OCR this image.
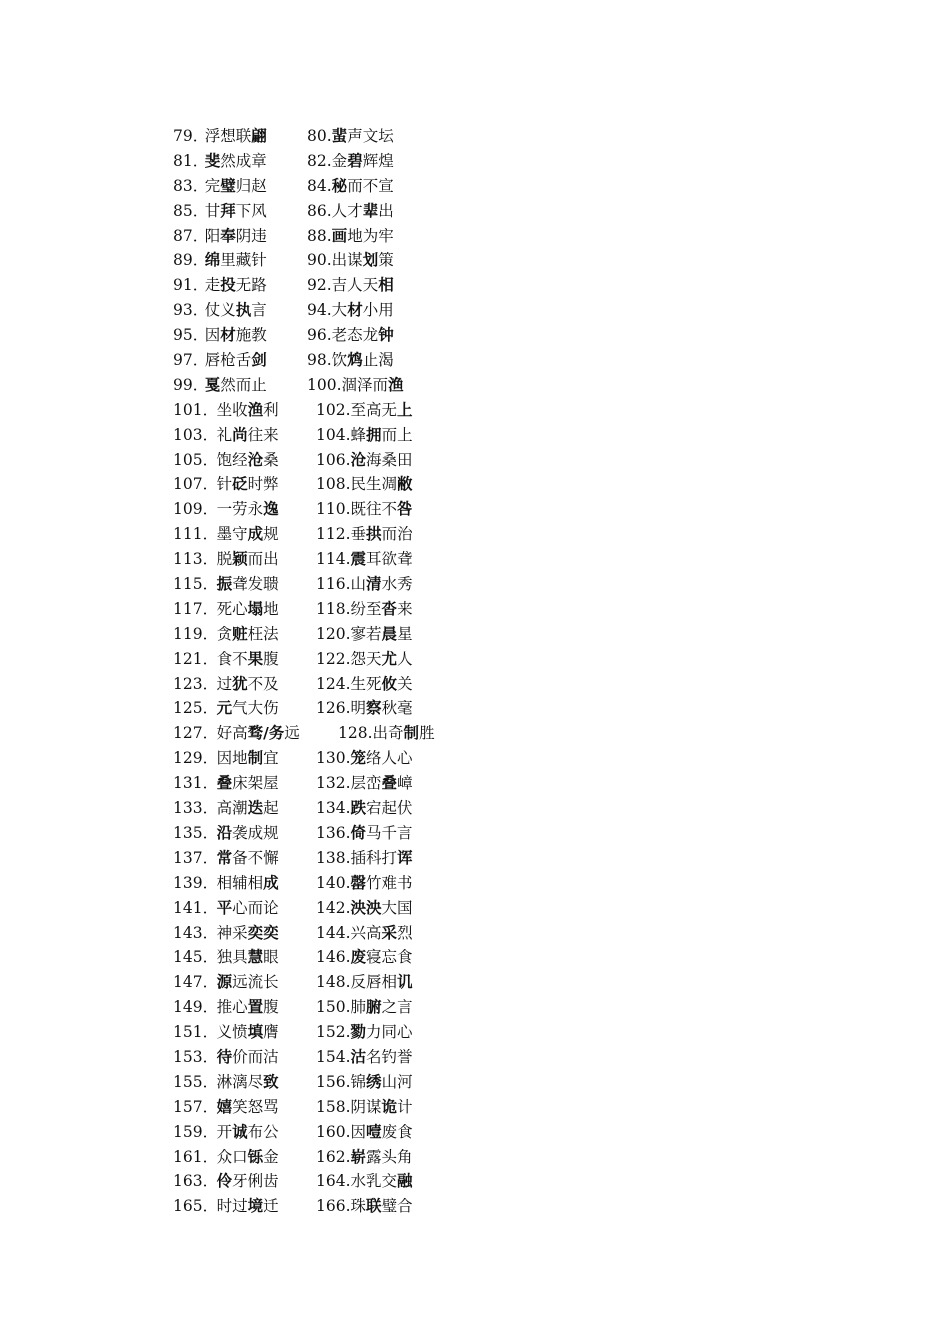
79．浮想联翩	80.蜚声文坛
81．斐然成章	82.金碧辉煌
83．完璧归赵	84.秘而不宣
85．甘拜下风	86.人才辈出
87．阳奉阴违	88.画地为牢
89．绵里藏针	90.出谋划策
91．走投无路	92.吉人天相
93．仗义执言	94.大材小用
95．因材施教	96.老态龙钟
97．唇枪舌剑	98.饮鸩止渴
99．戛然而止	100.涸泽而渔
101．坐收渔利 102.至高无上
103．礼尚往来 104.蜂拥而上
105．饱经沧桑 106.沧海桑田
107．针砭时弊 108.民生凋敝
109．一劳永逸 110.既往不咎
111．墨守成规 112.垂拱而治
113．脱颖而出 114.震耳欲聋
115．振聋发聩 116.山清水秀
117．死心塌地 118.纷至沓来
119．贪赃枉法 120.寥若晨星
121．食不果腹 122.怨天尤人
123．过犹不及 124.生死攸关
125．元气大伤 126.明察秋毫
127．好高骛/务远 128.出奇制胜
129．因地制宜 130.笼络人心
131．叠床架屋 132.层峦叠嶂
133．高潮迭起 134.跌宕起伏
135．沿袭成规 136.倚马千言
137．常备不懈 138.插科打诨
139．相辅相成 140.罄竹难书
141．平心而论 142.泱泱大国
143．神采奕奕 144.兴高采烈
145．独具慧眼 146.废寝忘食
147．源远流长 148.反唇相讥
149．推心置腹 150.肺腑之言
151．义愤填膺 152.勠力同心
153．待价而沽 154.沽名钓誉
155．淋漓尽致 156.锦绣山河
157．嬉笑怒骂 158.阴谋诡计
159．开诚布公 160.因噎废食
161．众口铄金 162.崭露头角
163．伶牙俐齿 164.水乳交融
165．时过境迁 166.珠联璧合
